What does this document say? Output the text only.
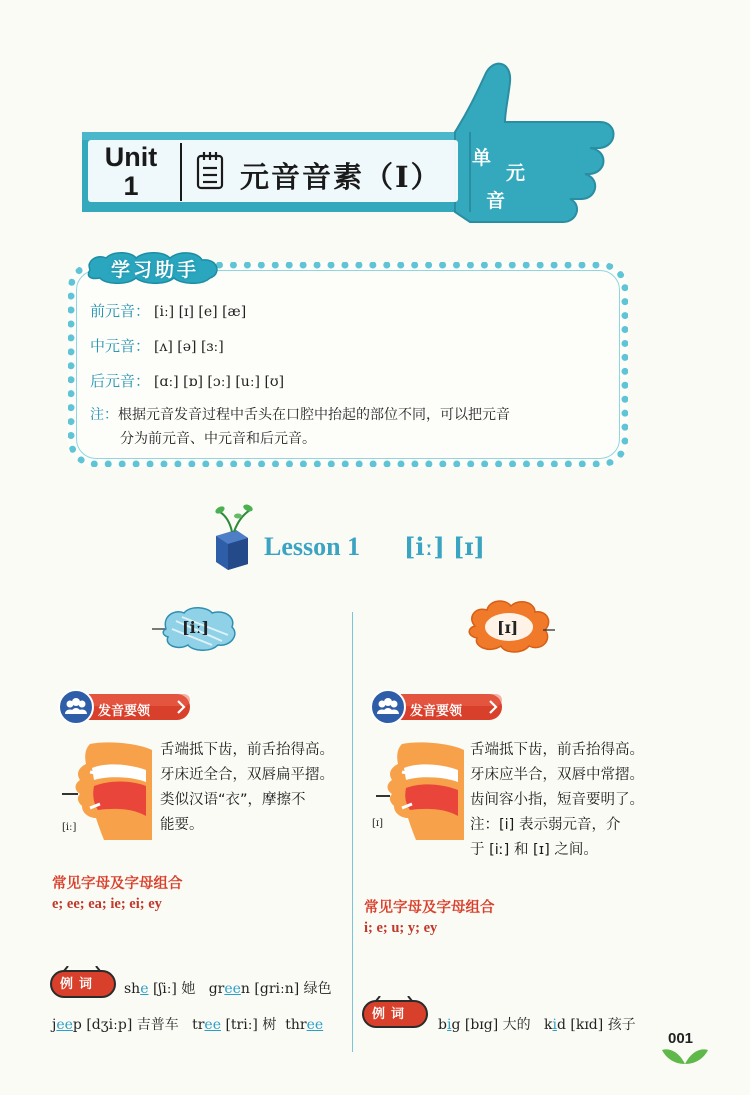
Unit
1	元音音素（Ⅰ）
单
元
音
学习助手
前元音： [iː] [ɪ] [e] [æ]
中元音： [ʌ] [ə] [ɜː]
后元音： [ɑː] [ɒ] [ɔː] [uː] [ʊ]
注：根据元音发音过程中舌头在口腔中抬起的部位不同，可以把元音
分为前元音、中元音和后元音。
Lesson 1 [iː] [ɪ]
[iː]
发音要领
[iː]
舌端抵下齿，前舌抬得高。
牙床近全合，双唇扁平摺。
类似汉语“衣”，摩擦不
能要。
常见字母及字母组合
e; ee; ea; ie; ei; ey
例词 she [ʃiː] 她 green [griːn] 绿色
jeep [dʒiːp] 吉普车 tree [triː] 树 three
[ɪ]
发音要领
[ɪ]
舌端抵下齿，前舌抬得高。
牙床应半合，双唇中常摺。
齿间容小指，短音要明了。
注：[i] 表示弱元音，介
于 [iː] 和 [ɪ] 之间。
常见字母及字母组合
i; e; u; y; ey
例词
big [bɪg] 大的 kid [kɪd] 孩子
001
